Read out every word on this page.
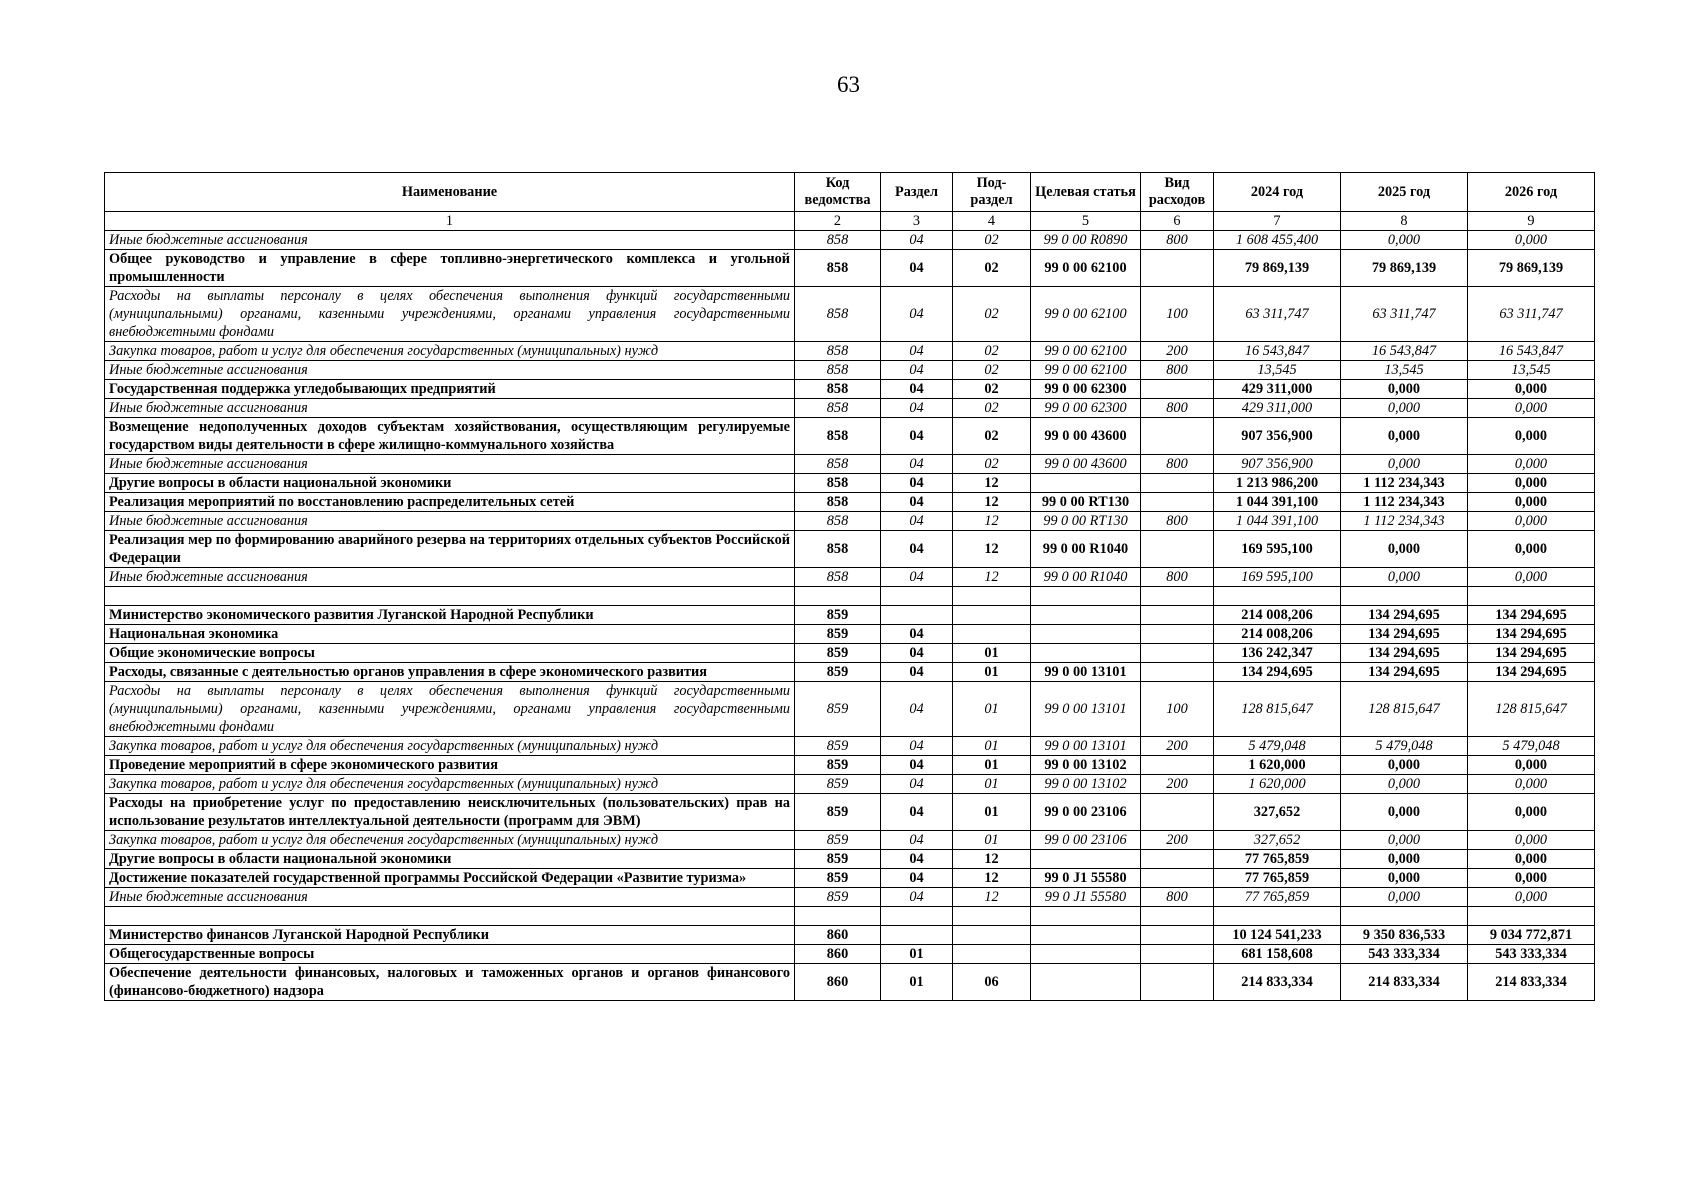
63
Наименование	Код ведомства	Раздел	Под-раздел	Целевая статья	Вид расходов	2024 год	2025 год	2026 год
1	2	3	4	5	6	7	8	9
Иные бюджетные ассигнования	858	04	02	99 0 00 R0890	800	1 608 455,400	0,000	0,000
Общее руководство и управление в сфере топливно-энергетического комплекса и угольной промышленности	858	04	02	99 0 00 62100		79 869,139	79 869,139	79 869,139
Расходы на выплаты персоналу в целях обеспечения выполнения функций государственными (муниципальными) органами, казенными учреждениями, органами управления государственными внебюджетными фондами	858	04	02	99 0 00 62100	100	63 311,747	63 311,747	63 311,747
Закупка товаров, работ и услуг для обеспечения государственных (муниципальных) нужд	858	04	02	99 0 00 62100	200	16 543,847	16 543,847	16 543,847
Иные бюджетные ассигнования	858	04	02	99 0 00 62100	800	13,545	13,545	13,545
Государственная поддержка угледобывающих предприятий	858	04	02	99 0 00 62300		429 311,000	0,000	0,000
Иные бюджетные ассигнования	858	04	02	99 0 00 62300	800	429 311,000	0,000	0,000
Возмещение недополученных доходов субъектам хозяйствования, осуществляющим регулируемые государством виды деятельности в сфере жилищно-коммунального хозяйства	858	04	02	99 0 00 43600		907 356,900	0,000	0,000
Иные бюджетные ассигнования	858	04	02	99 0 00 43600	800	907 356,900	0,000	0,000
Другие вопросы в области национальной экономики	858	04	12			1 213 986,200	1 112 234,343	0,000
Реализация мероприятий по восстановлению распределительных сетей	858	04	12	99 0 00 RT130		1 044 391,100	1 112 234,343	0,000
Иные бюджетные ассигнования	858	04	12	99 0 00 RT130	800	1 044 391,100	1 112 234,343	0,000
Реализация мер по формированию аварийного резерва на территориях отдельных субъектов Российской Федерации	858	04	12	99 0 00 R1040		169 595,100	0,000	0,000
Иные бюджетные ассигнования	858	04	12	99 0 00 R1040	800	169 595,100	0,000	0,000

Министерство экономического развития Луганской Народной Республики	859					214 008,206	134 294,695	134 294,695
Национальная экономика	859	04				214 008,206	134 294,695	134 294,695
Общие экономические вопросы	859	04	01			136 242,347	134 294,695	134 294,695
Расходы, связанные с деятельностью органов управления в сфере экономического развития	859	04	01	99 0 00 13101		134 294,695	134 294,695	134 294,695
Расходы на выплаты персоналу в целях обеспечения выполнения функций государственными (муниципальными) органами, казенными учреждениями, органами управления государственными внебюджетными фондами	859	04	01	99 0 00 13101	100	128 815,647	128 815,647	128 815,647
Закупка товаров, работ и услуг для обеспечения государственных (муниципальных) нужд	859	04	01	99 0 00 13101	200	5 479,048	5 479,048	5 479,048
Проведение мероприятий в сфере экономического развития	859	04	01	99 0 00 13102		1 620,000	0,000	0,000
Закупка товаров, работ и услуг для обеспечения государственных (муниципальных) нужд	859	04	01	99 0 00 13102	200	1 620,000	0,000	0,000
Расходы на приобретение услуг по предоставлению неисключительных (пользовательских) прав на использование результатов интеллектуальной деятельности (программ для ЭВМ)	859	04	01	99 0 00 23106		327,652	0,000	0,000
Закупка товаров, работ и услуг для обеспечения государственных (муниципальных) нужд	859	04	01	99 0 00 23106	200	327,652	0,000	0,000
Другие вопросы в области национальной экономики	859	04	12			77 765,859	0,000	0,000
Достижение показателей государственной программы Российской Федерации «Развитие туризма»	859	04	12	99 0 J1 55580		77 765,859	0,000	0,000
Иные бюджетные ассигнования	859	04	12	99 0 J1 55580	800	77 765,859	0,000	0,000

Министерство финансов Луганской Народной Республики	860					10 124 541,233	9 350 836,533	9 034 772,871
Общегосударственные вопросы	860	01				681 158,608	543 333,334	543 333,334
Обеспечение деятельности финансовых, налоговых и таможенных органов и органов финансового (финансово-бюджетного) надзора	860	01	06			214 833,334	214 833,334	214 833,334
